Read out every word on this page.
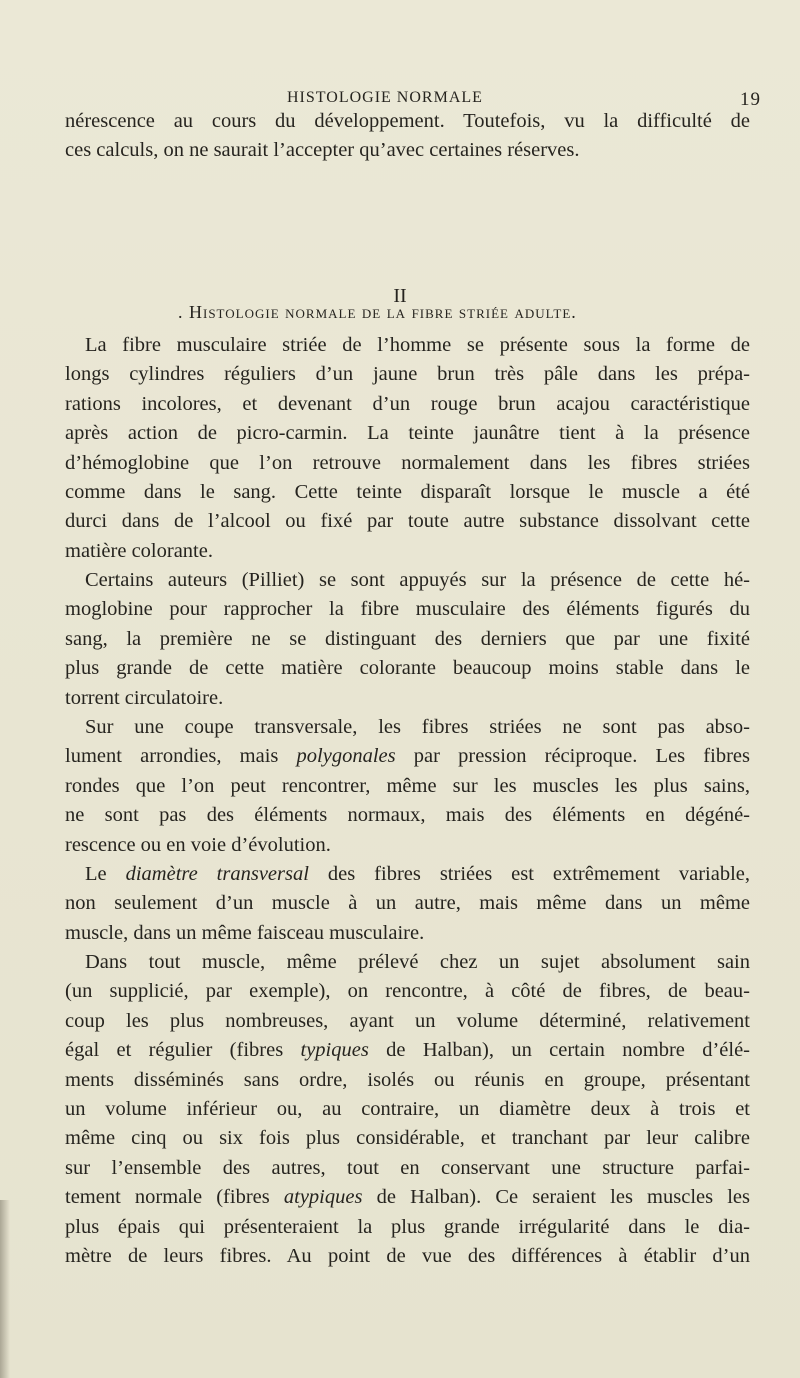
HISTOLOGIE NORMALE	19
nérescence au cours du développement. Toutefois, vu la difficulté de
ces calculs, on ne saurait l’accepter qu’avec certaines réserves.
II
. Histologie normale de la fibre striée adulte.
La fibre musculaire striée de l’homme se présente sous la forme de
longs cylindres réguliers d’un jaune brun très pâle dans les prépa-
rations incolores, et devenant d’un rouge brun acajou caractéristique
après action de picro-carmin. La teinte jaunâtre tient à la présence
d’hémoglobine que l’on retrouve normalement dans les fibres striées
comme dans le sang. Cette teinte disparaît lorsque le muscle a été
durci dans de l’alcool ou fixé par toute autre substance dissolvant cette
matière colorante.
Certains auteurs (Pilliet) se sont appuyés sur la présence de cette hé-
moglobine pour rapprocher la fibre musculaire des éléments figurés du
sang, la première ne se distinguant des derniers que par une fixité
plus grande de cette matière colorante beaucoup moins stable dans le
torrent circulatoire.
Sur une coupe transversale, les fibres striées ne sont pas abso-
lument arrondies, mais polygonales par pression réciproque. Les fibres
rondes que l’on peut rencontrer, même sur les muscles les plus sains,
ne sont pas des éléments normaux, mais des éléments en dégéné-
rescence ou en voie d’évolution.
Le diamètre transversal des fibres striées est extrêmement variable,
non seulement d’un muscle à un autre, mais même dans un même
muscle, dans un même faisceau musculaire.
Dans tout muscle, même prélevé chez un sujet absolument sain
(un supplicié, par exemple), on rencontre, à côté de fibres, de beau-
coup les plus nombreuses, ayant un volume déterminé, relativement
égal et régulier (fibres typiques de Halban), un certain nombre d’élé-
ments disséminés sans ordre, isolés ou réunis en groupe, présentant
un volume inférieur ou, au contraire, un diamètre deux à trois et
même cinq ou six fois plus considérable, et tranchant par leur calibre
sur l’ensemble des autres, tout en conservant une structure parfai-
tement normale (fibres atypiques de Halban). Ce seraient les muscles les
plus épais qui présenteraient la plus grande irrégularité dans le dia-
mètre de leurs fibres. Au point de vue des différences à établir d’un
